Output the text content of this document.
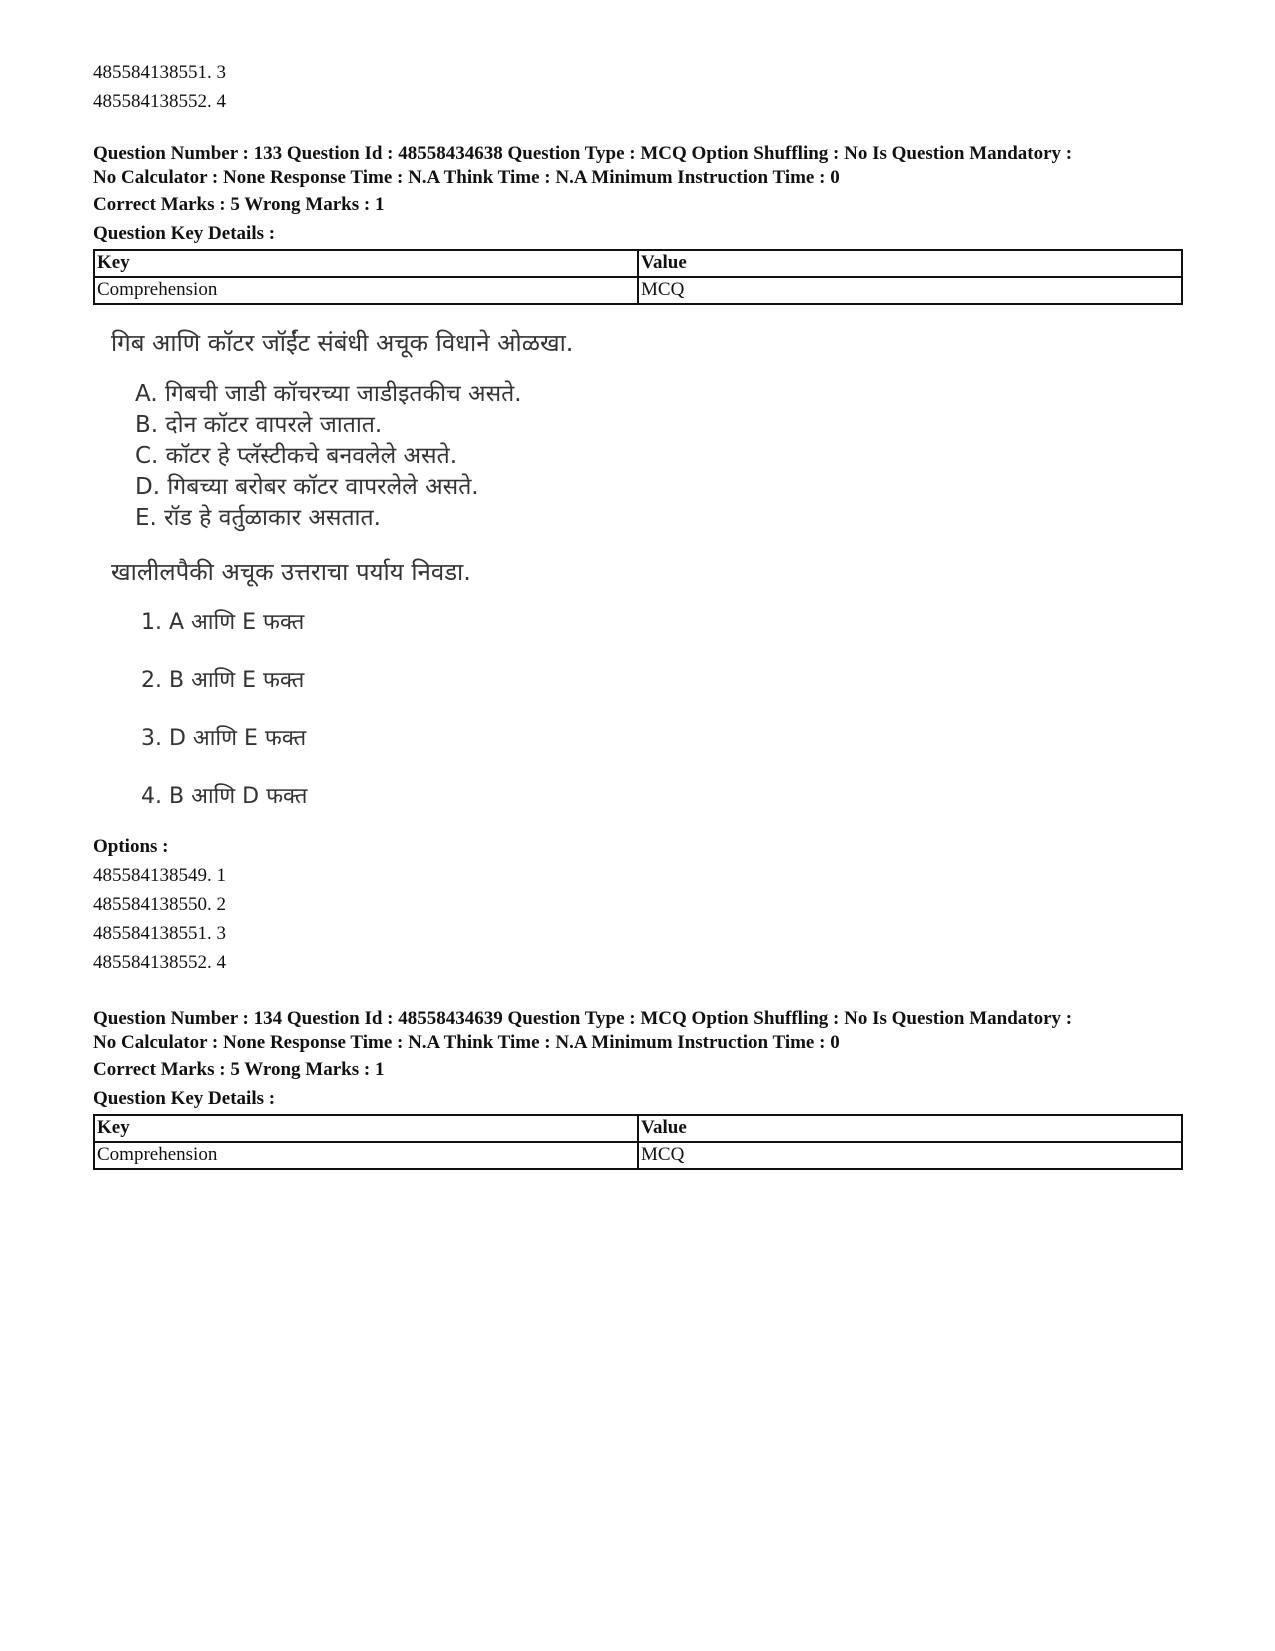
485584138551. 3
485584138552. 4
Question Number : 133 Question Id : 48558434638 Question Type : MCQ Option Shuffling : No Is Question Mandatory :
No Calculator : None Response Time : N.A Think Time : N.A Minimum Instruction Time : 0
Correct Marks : 5 Wrong Marks : 1
Question Key Details :
Key	Value
Comprehension	MCQ
गिब आणि कॉटर जॉईंट संबंधी अचूक विधाने ओळखा.
A. गिबची जाडी कॉचरच्या जाडीइतकीच असते.
B. दोन कॉटर वापरले जातात.
C. कॉटर हे प्लॅस्टीकचे बनवलेले असते.
D. गिबच्या बरोबर कॉटर वापरलेले असते.
E. रॉड हे वर्तुळाकार असतात.
खालीलपैकी अचूक उत्तराचा पर्याय निवडा.
1. A आणि E फक्त
2. B आणि E फक्त
3. D आणि E फक्त
4. B आणि D फक्त
Options :
485584138549. 1
485584138550. 2
485584138551. 3
485584138552. 4
Question Number : 134 Question Id : 48558434639 Question Type : MCQ Option Shuffling : No Is Question Mandatory :
No Calculator : None Response Time : N.A Think Time : N.A Minimum Instruction Time : 0
Correct Marks : 5 Wrong Marks : 1
Question Key Details :
Key	Value
Comprehension	MCQ
